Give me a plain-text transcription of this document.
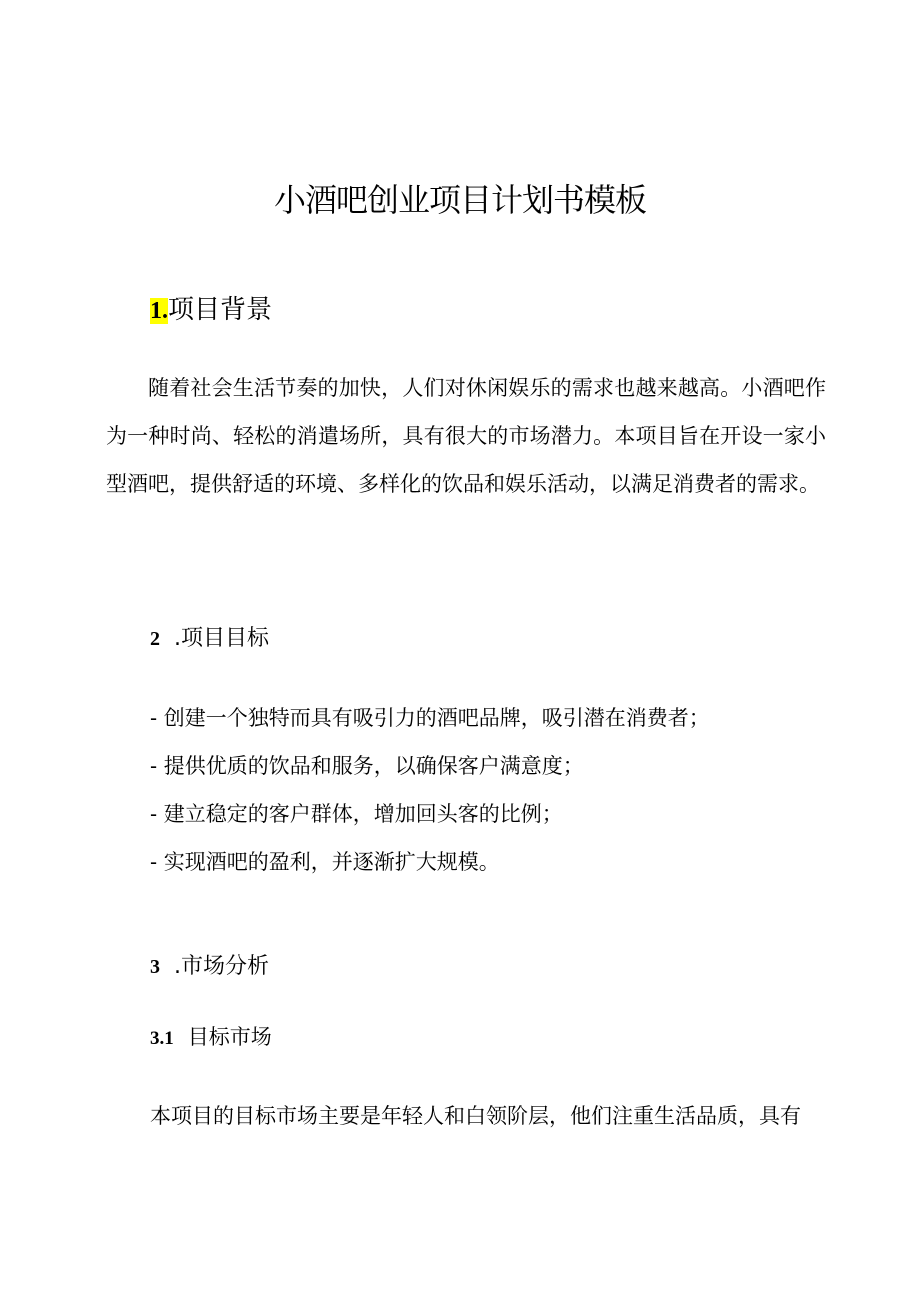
小酒吧创业项目计划书模板
1.项目背景
随着社会生活节奏的加快，人们对休闲娱乐的需求也越来越高。小酒吧作为一种时尚、轻松的消遣场所，具有很大的市场潜力。本项目旨在开设一家小型酒吧，提供舒适的环境、多样化的饮品和娱乐活动，以满足消费者的需求。
2 .项目目标
- 创建一个独特而具有吸引力的酒吧品牌，吸引潜在消费者；
- 提供优质的饮品和服务，以确保客户满意度；
- 建立稳定的客户群体，增加回头客的比例；
- 实现酒吧的盈利，并逐渐扩大规模。
3 .市场分析
3.1 目标市场
本项目的目标市场主要是年轻人和白领阶层，他们注重生活品质，具有
